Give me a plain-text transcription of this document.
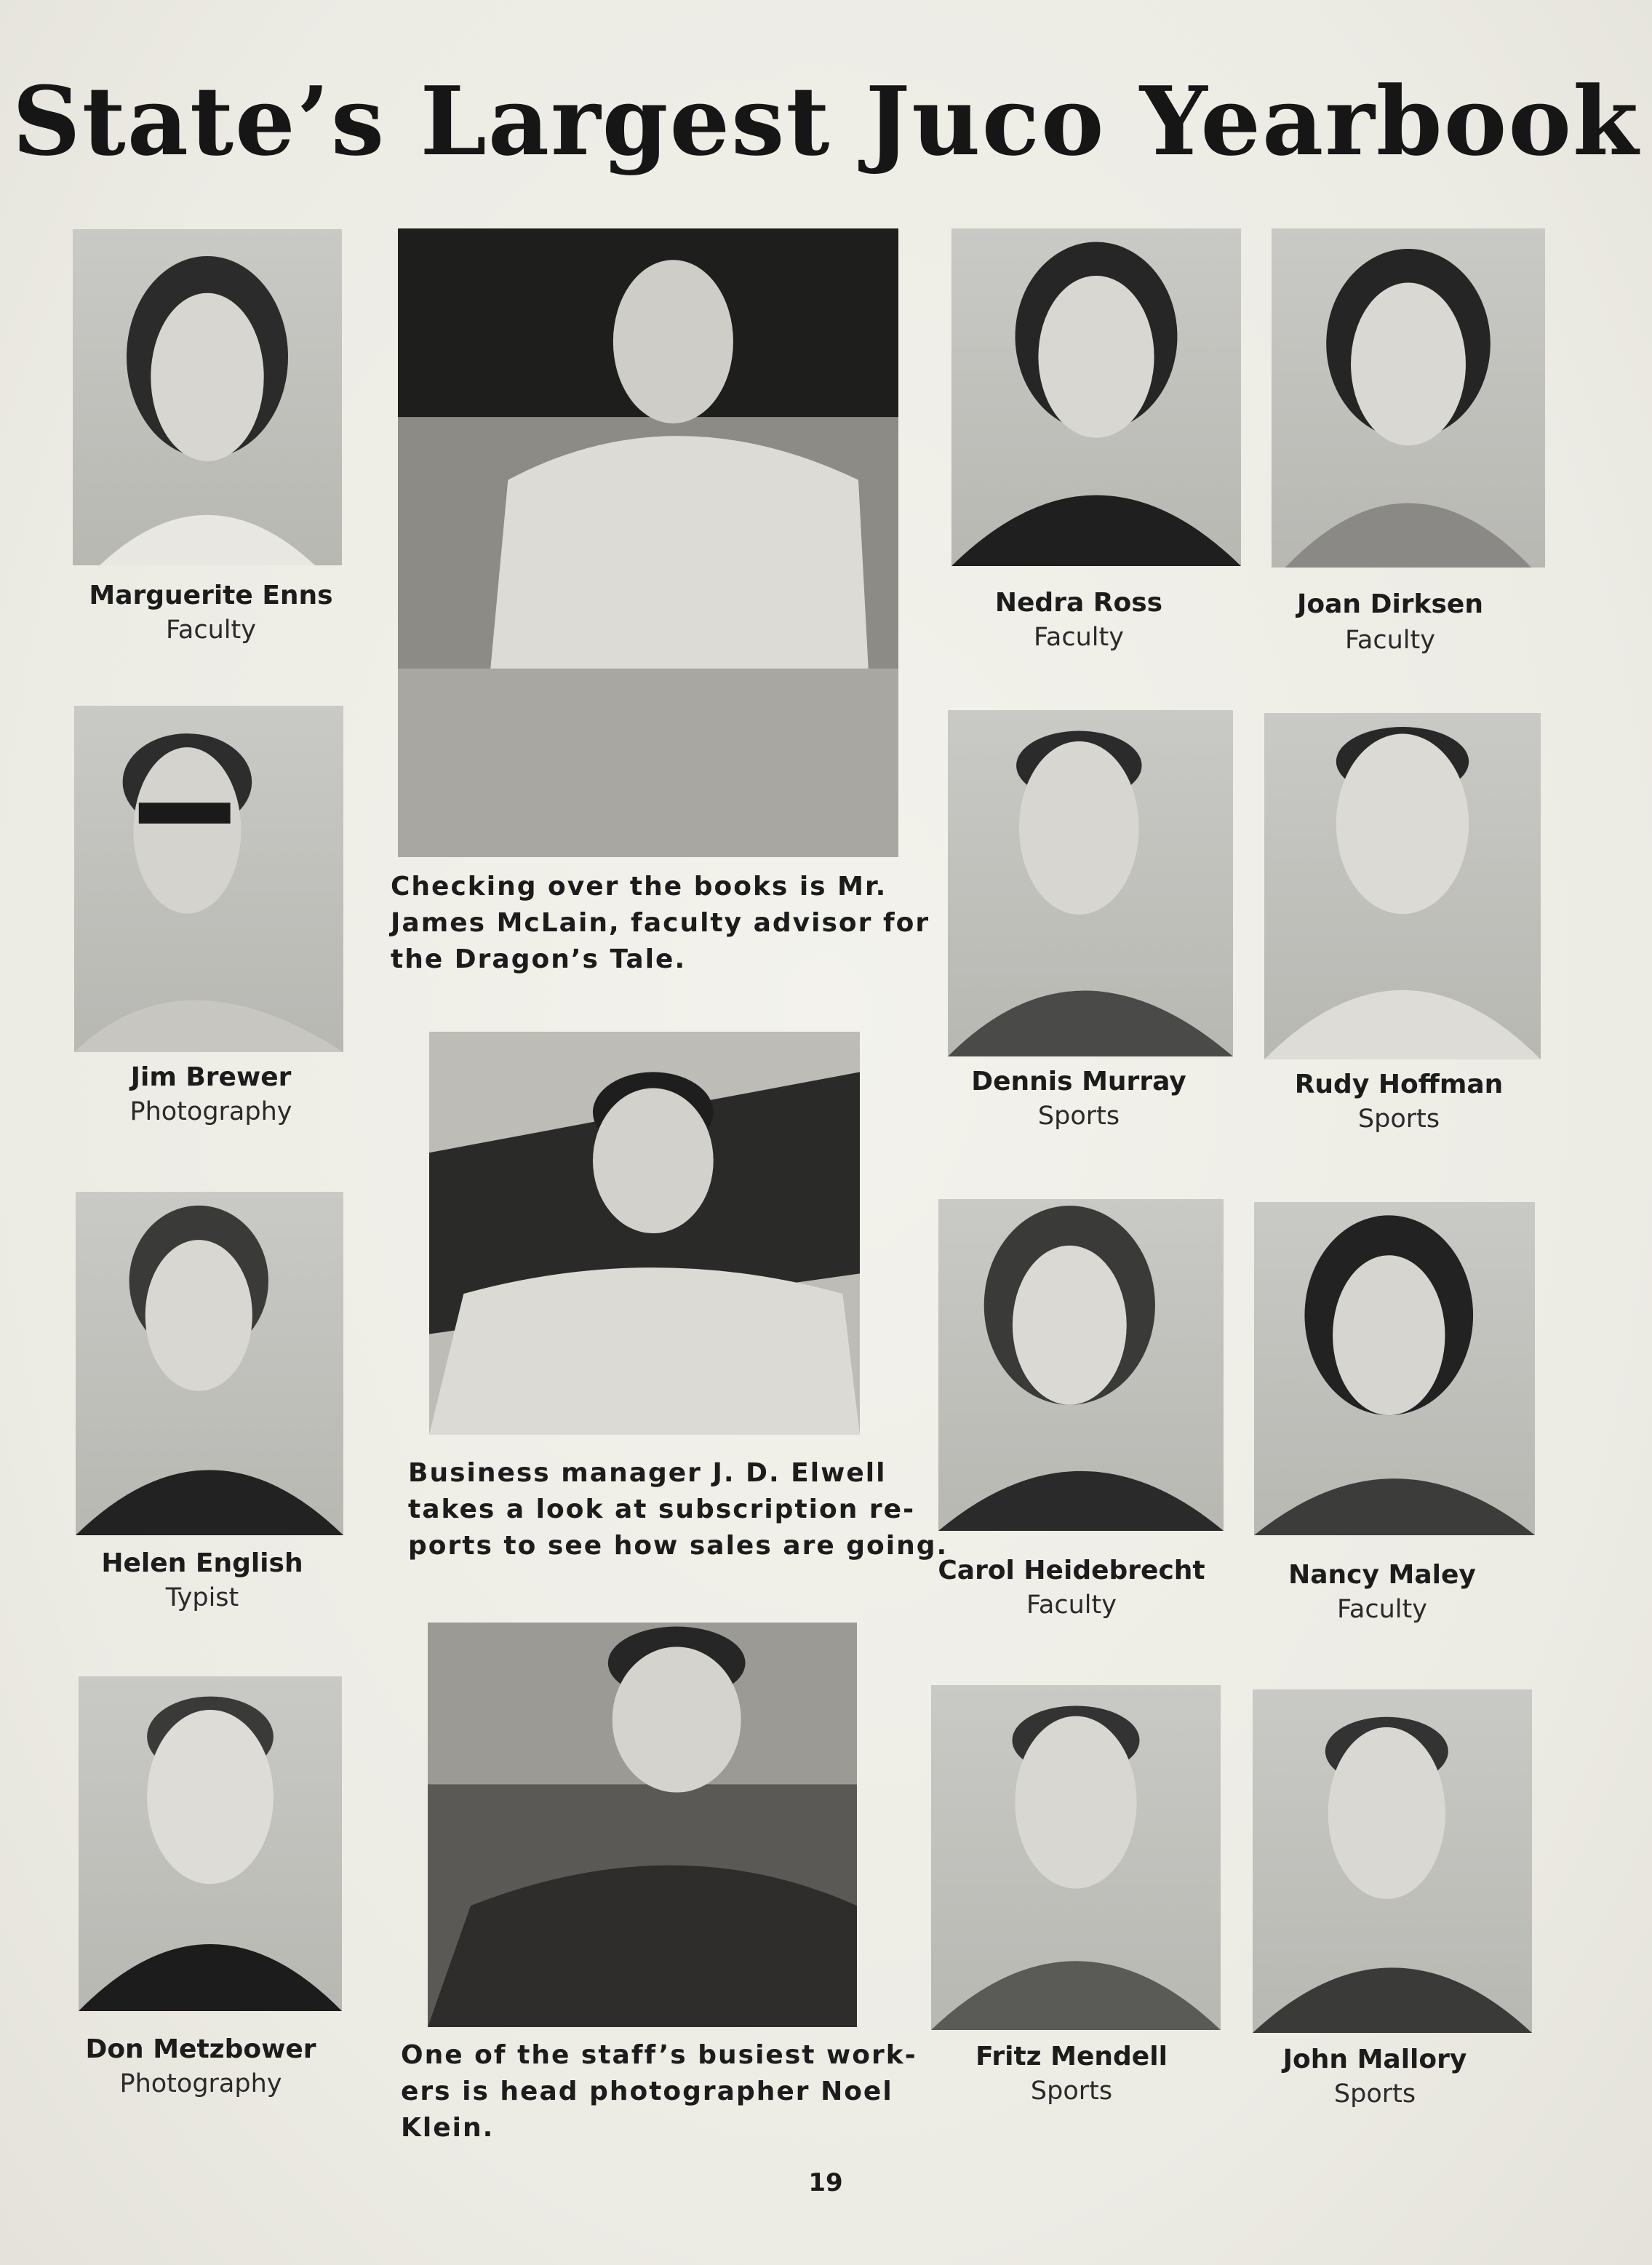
State’s Largest Juco Yearbook
Marguerite Enns
Faculty
Nedra Ross
Faculty
Joan Dirksen
Faculty
Jim Brewer
Photography
Dennis Murray
Sports
Rudy Hoffman
Sports
Helen English
Typist
Carol Heidebrecht
Faculty
Nancy Maley
Faculty
Don Metzbower
Photography
Fritz Mendell
Sports
John Mallory
Sports
Checking over the books is Mr.
James McLain, faculty advisor for
the Dragon’s Tale.
Business manager J. D. Elwell
takes a look at subscription re-
ports to see how sales are going.
One of the staff’s busiest work-
ers is head photographer Noel
Klein.
19
